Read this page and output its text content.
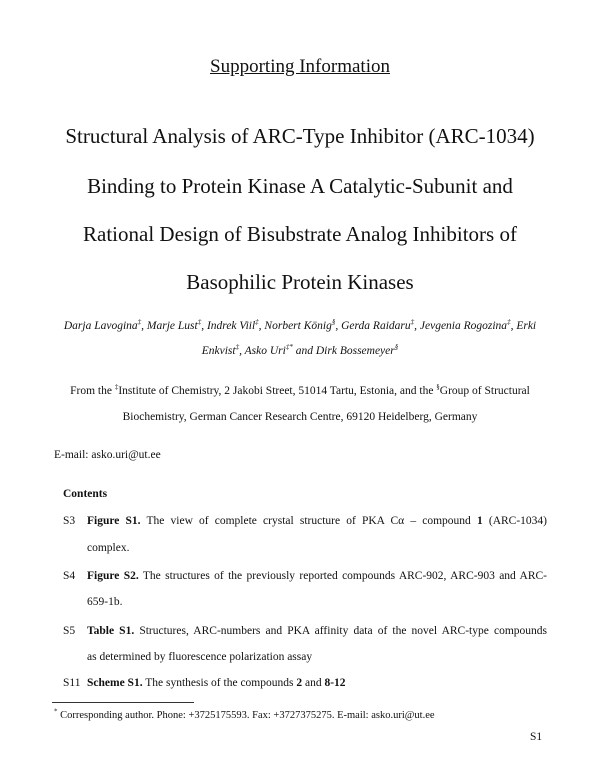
Supporting Information
Structural Analysis of ARC-Type Inhibitor (ARC-1034)
Binding to Protein Kinase A Catalytic-Subunit and
Rational Design of Bisubstrate Analog Inhibitors of
Basophilic Protein Kinases
Darja Lavogina‡, Marje Lust‡, Indrek Viil‡, Norbert König§, Gerda Raidaru‡, Jevgenia Rogozina‡, Erki
Enkvist‡, Asko Uri‡* and Dirk Bossemeyer§
From the ‡Institute of Chemistry, 2 Jakobi Street, 51014 Tartu, Estonia, and the §Group of Structural
Biochemistry, German Cancer Research Centre, 69120 Heidelberg, Germany
E-mail: asko.uri@ut.ee
Contents
S3 Figure S1. The view of complete crystal structure of PKA Cα – compound 1 (ARC-1034)
complex.
S4 Figure S2. The structures of the previously reported compounds ARC-902, ARC-903 and ARC-
659-1b.
S5 Table S1. Structures, ARC-numbers and PKA affinity data of the novel ARC-type compounds
as determined by fluorescence polarization assay
S11 Scheme S1. The synthesis of the compounds 2 and 8-12
* Corresponding author. Phone: +3725175593. Fax: +3727375275. E-mail: asko.uri@ut.ee
S1
